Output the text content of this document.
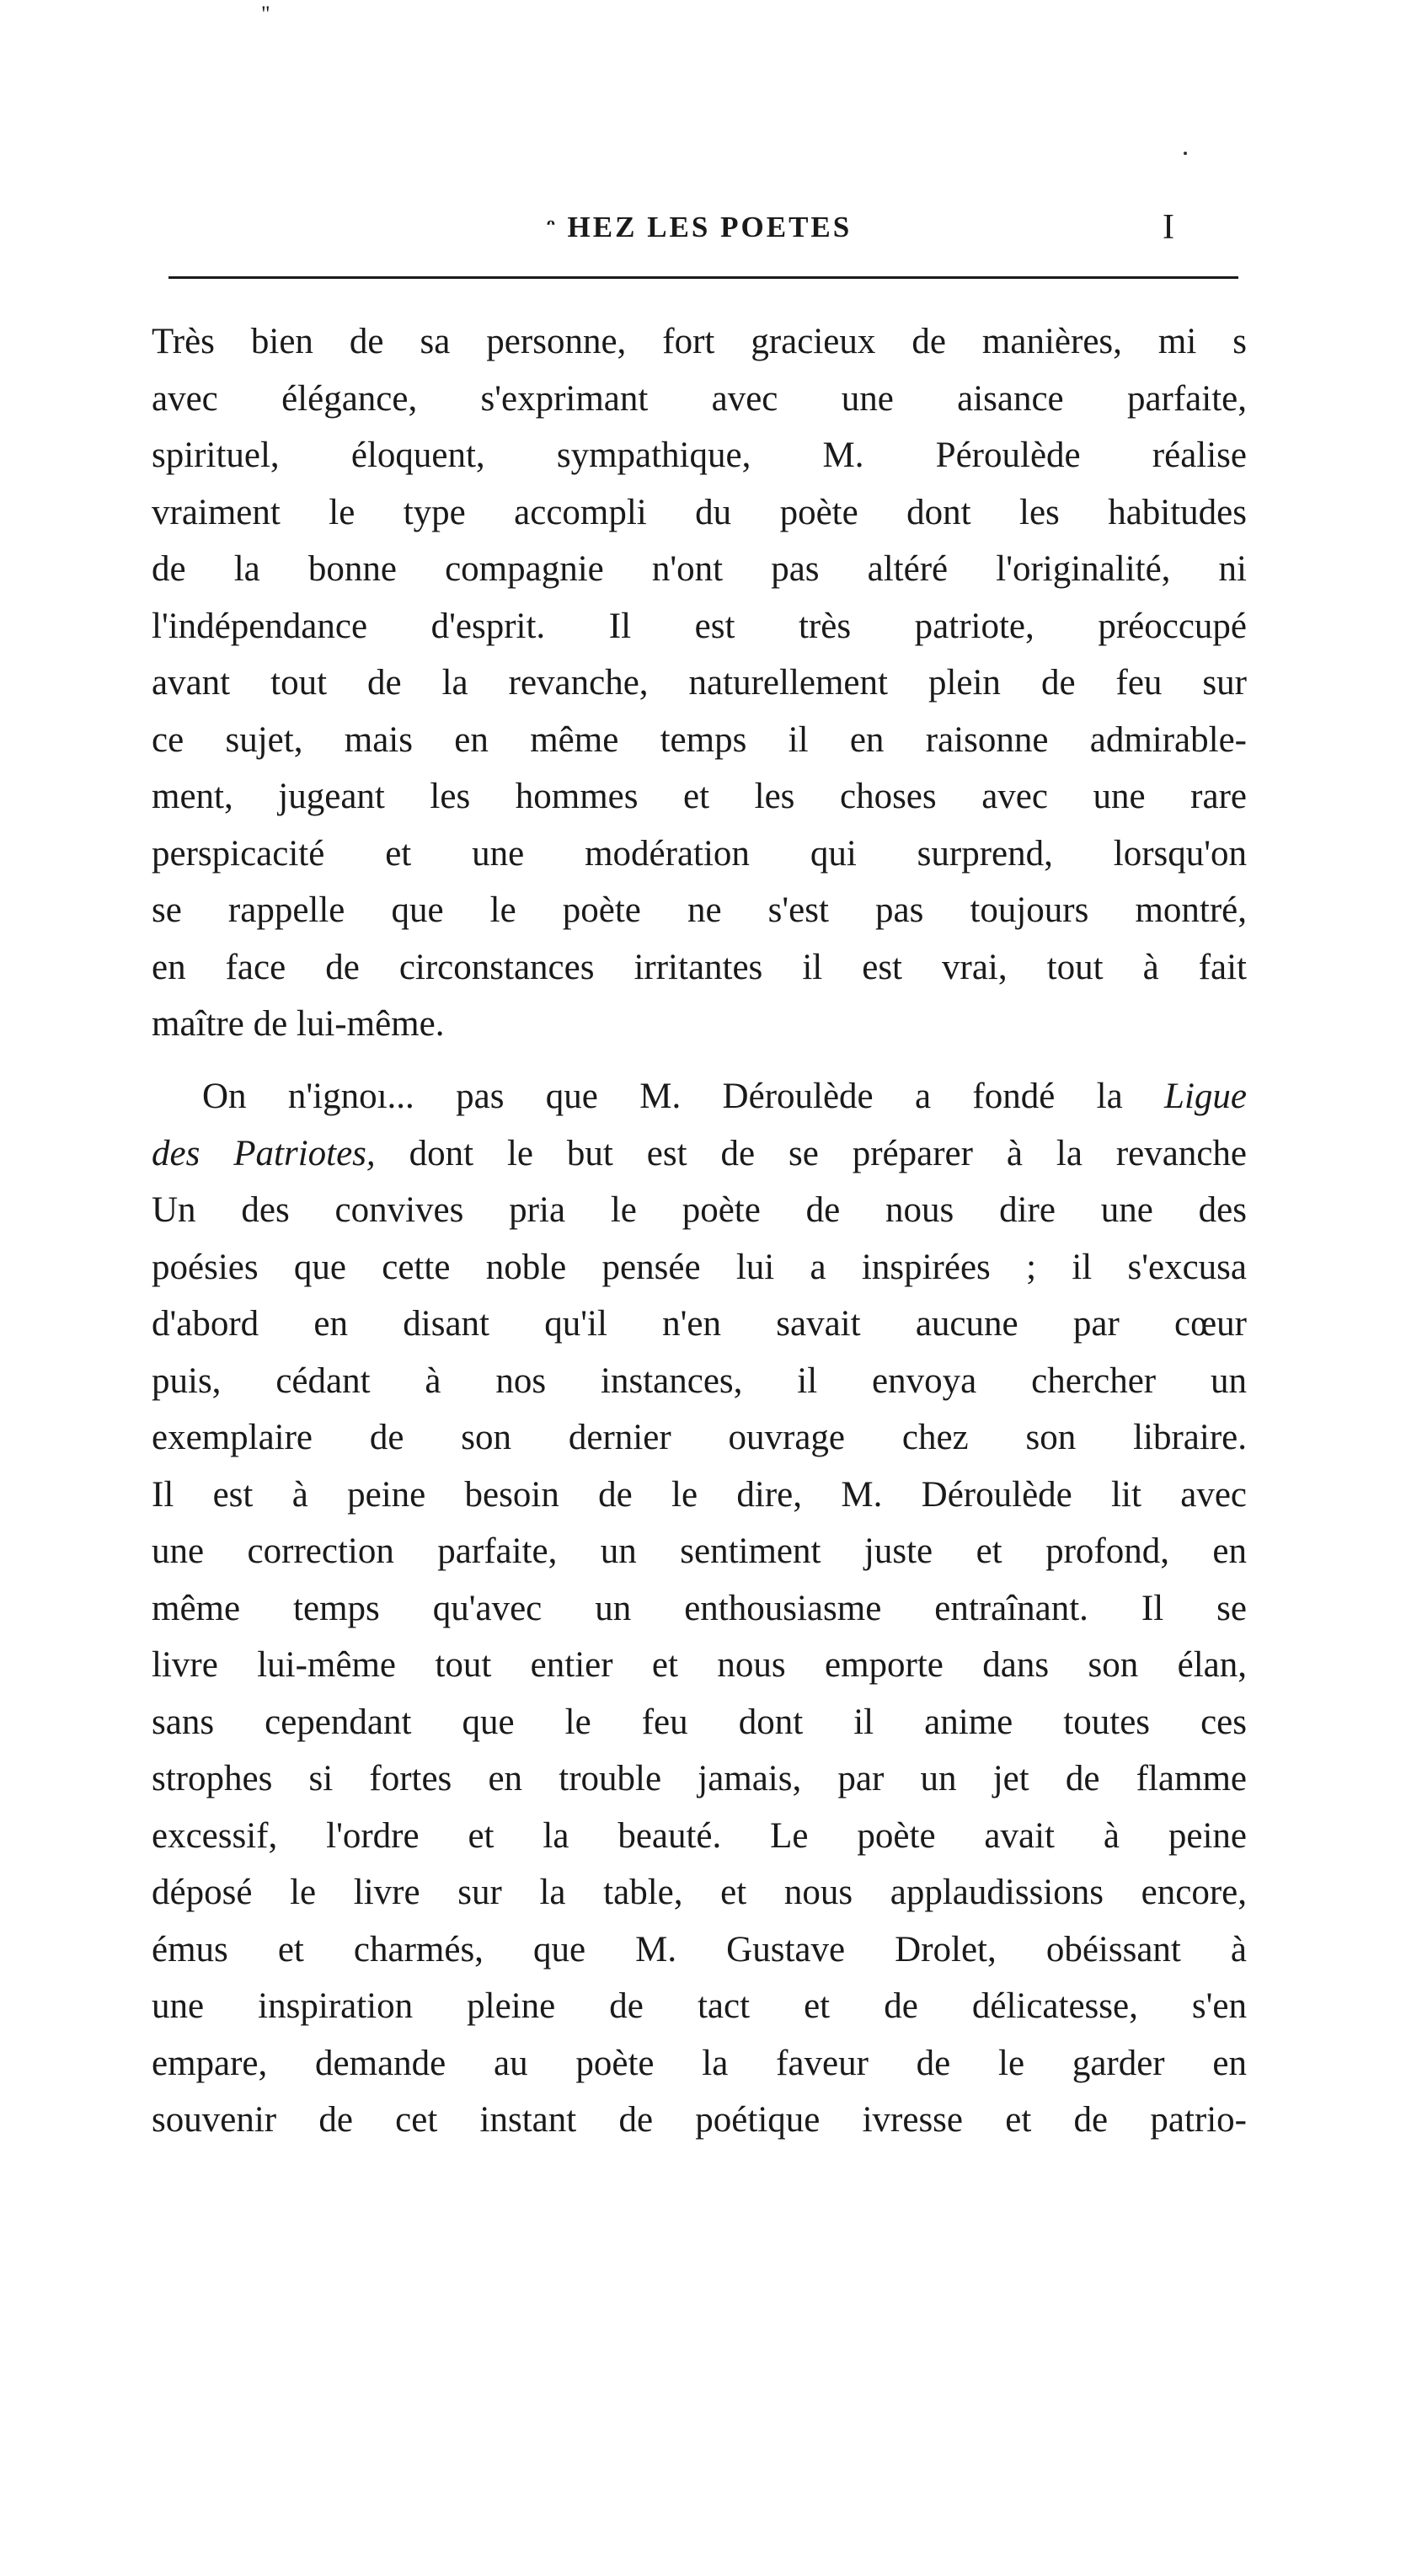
"
ᵔ HEZ LES POETES	I
Très bien de sa personne, fort gracieux de manières, mi s
avec élégance, s'exprimant avec une aisance parfaite,
spirituel, éloquent, sympathique, M. Péroulède réalise
vraiment le type accompli du poète dont les habitudes
de la bonne compagnie n'ont pas altéré l'originalité, ni
l'indépendance d'esprit. Il est très patriote, préoccupé
avant tout de la revanche, naturellement plein de feu sur
ce sujet, mais en même temps il en raisonne admirable-
ment, jugeant les hommes et les choses avec une rare
perspicacité et une modération qui surprend, lorsqu'on
se rappelle que le poète ne s'est pas toujours montré,
en face de circonstances irritantes il est vrai, tout à fait
maître de lui-même.
On n'ignoı... pas que M. Déroulède a fondé la Ligue
des Patriotes, dont le but est de se préparer à la revanche
Un des convives pria le poète de nous dire une des
poésies que cette noble pensée lui a inspirées ; il s'excusa
d'abord en disant qu'il n'en savait aucune par cœur
puis, cédant à nos instances, il envoya chercher un
exemplaire de son dernier ouvrage chez son libraire.
Il est à peine besoin de le dire, M. Déroulède lit avec
une correction parfaite, un sentiment juste et profond, en
même temps qu'avec un enthousiasme entraînant. Il se
livre lui-même tout entier et nous emporte dans son élan,
sans cependant que le feu dont il anime toutes ces
strophes si fortes en trouble jamais, par un jet de flamme
excessif, l'ordre et la beauté. Le poète avait à peine
déposé le livre sur la table, et nous applaudissions encore,
émus et charmés, que M. Gustave Drolet, obéissant à
une inspiration pleine de tact et de délicatesse, s'en
empare, demande au poète la faveur de le garder en
souvenir de cet instant de poétique ivresse et de patrio-
